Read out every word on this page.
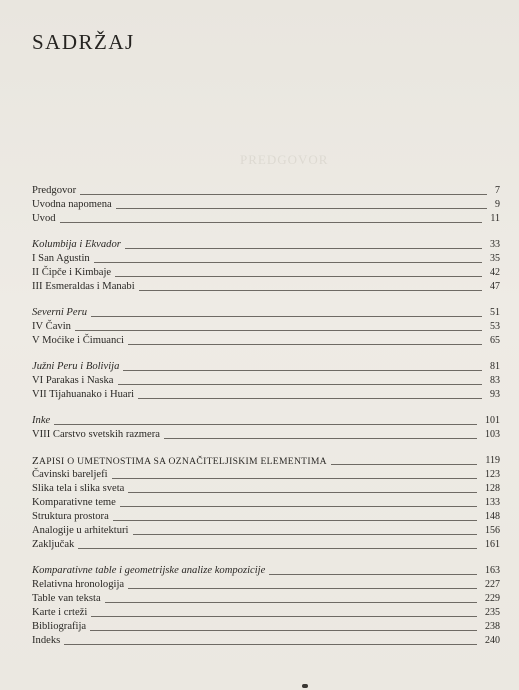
SADRŽAJ
PREDGOVOR
Predgovor	7
Uvodna napomena	9
Uvod	11
Kolumbija i Ekvador	33
I San Agustin	35
II Čipče i Kimbaje	42
III Esmeraldas i Manabi	47
Severni Peru	51
IV Čavin	53
V Moćike i Čimuanci	65
Južni Peru i Bolivija	81
VI Parakas i Naska	83
VII Tijahuanako i Huari	93
Inke	101
VIII Carstvo svetskih razmera	103
ZAPISI O UMETNOSTIMA SA OZNAČITELJISKIM ELEMENTIMA	119
Čavinski bareljefi	123
Slika tela i slika sveta	128
Komparativne teme	133
Struktura prostora	148
Analogije u arhitekturi	156
Zaključak	161
Komparativne table i geometrijske analize kompozicije	163
Relativna hronologija	227
Table van teksta	229
Karte i crteži	235
Bibliografija	238
Indeks	240
